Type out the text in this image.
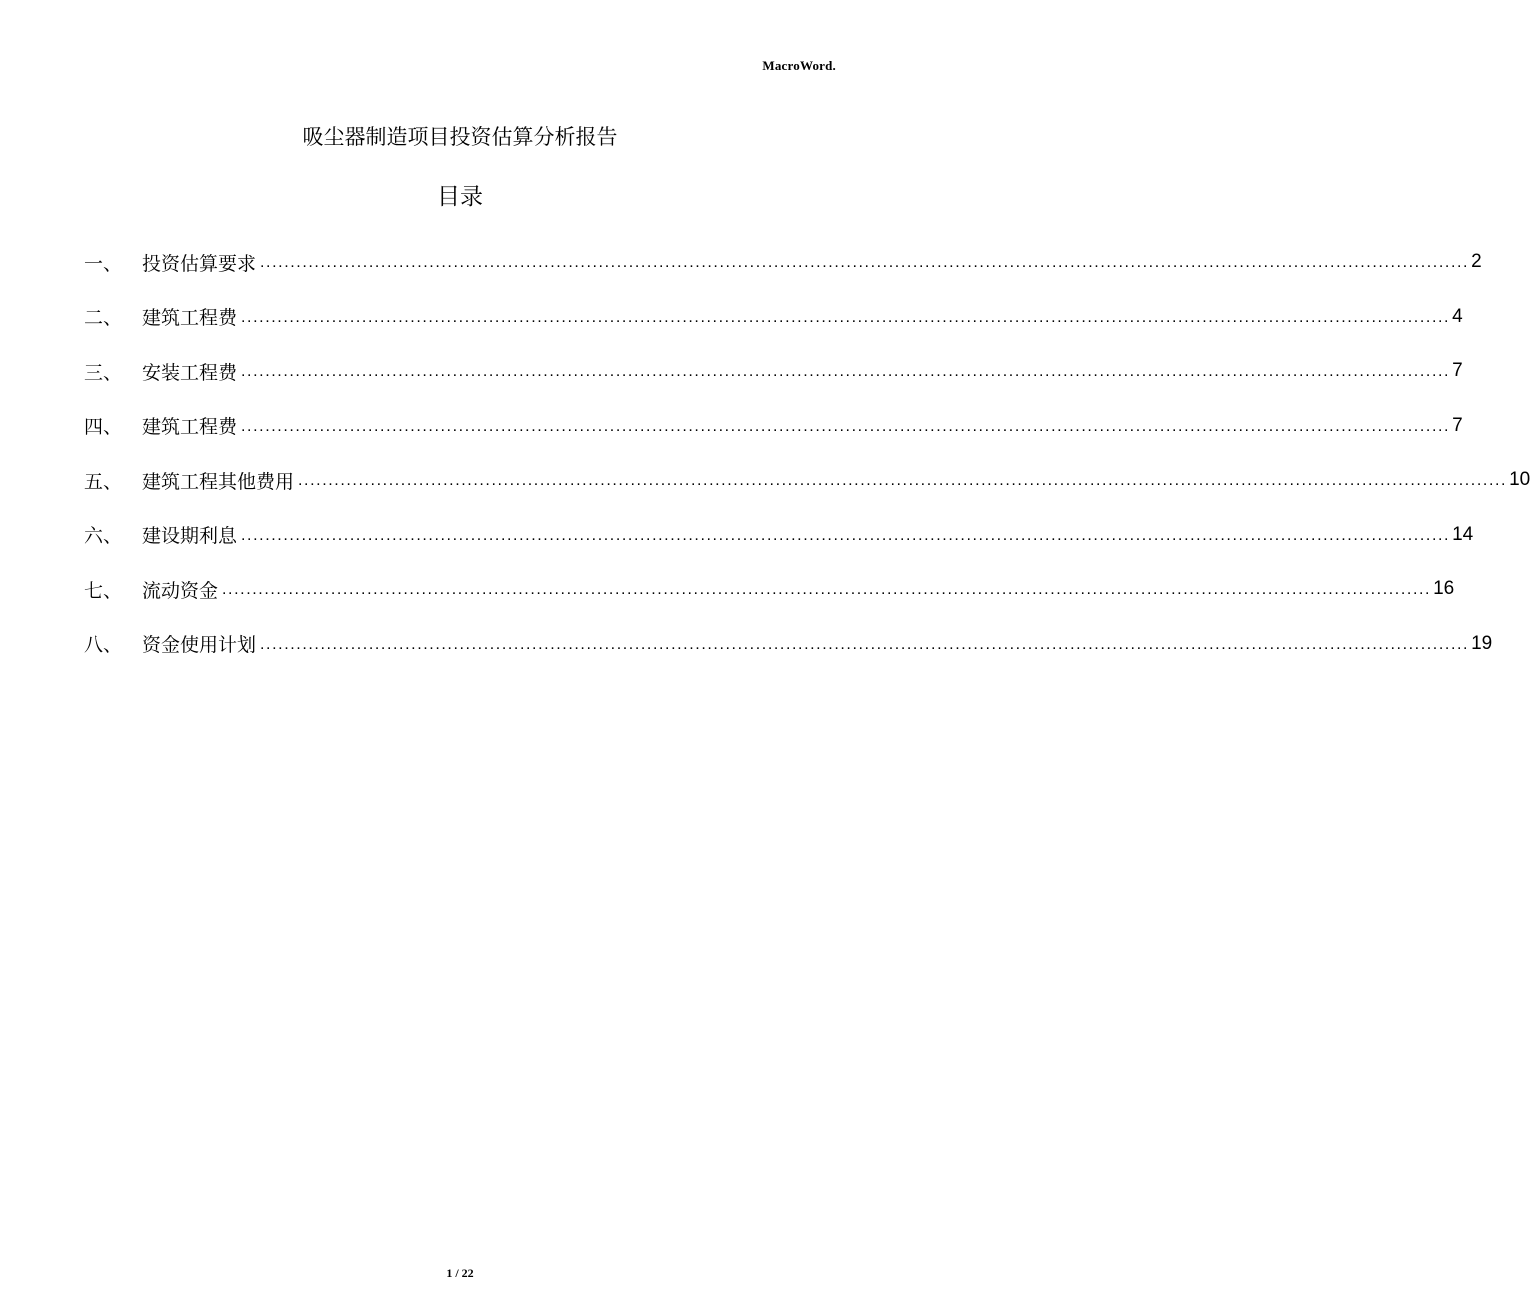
MacroWord.
吸尘器制造项目投资估算分析报告
目录
一、	投资估算要求 ........................................................................................................................................................................................................ 2
二、	建筑工程费 ........................................................................................................................................................................................................ 4
三、	安装工程费 ........................................................................................................................................................................................................ 7
四、	建筑工程费 ........................................................................................................................................................................................................ 7
五、	建筑工程其他费用 ........................................................................................................................................................................................................ 10
六、	建设期利息 ........................................................................................................................................................................................................ 14
七、	流动资金 ........................................................................................................................................................................................................ 16
八、	资金使用计划 ........................................................................................................................................................................................................ 19
1 / 22
